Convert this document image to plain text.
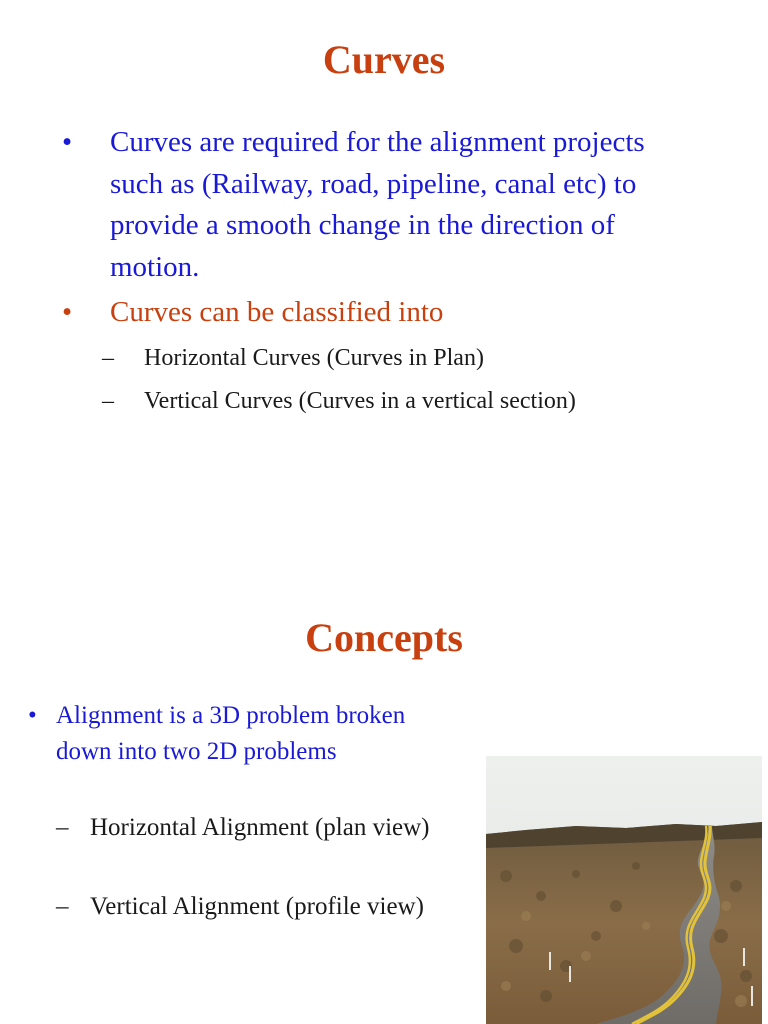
Curves
•	Curves are required for the alignment projects such as (Railway, road, pipeline, canal etc) to provide a smooth change in the direction of motion.
•	Curves can be classified into
–	Horizontal Curves (Curves in Plan)
–	Vertical Curves (Curves in a vertical section)
Concepts
• Alignment is a 3D problem broken down into two 2D problems
– Horizontal Alignment (plan view)
– Vertical Alignment (profile view)
